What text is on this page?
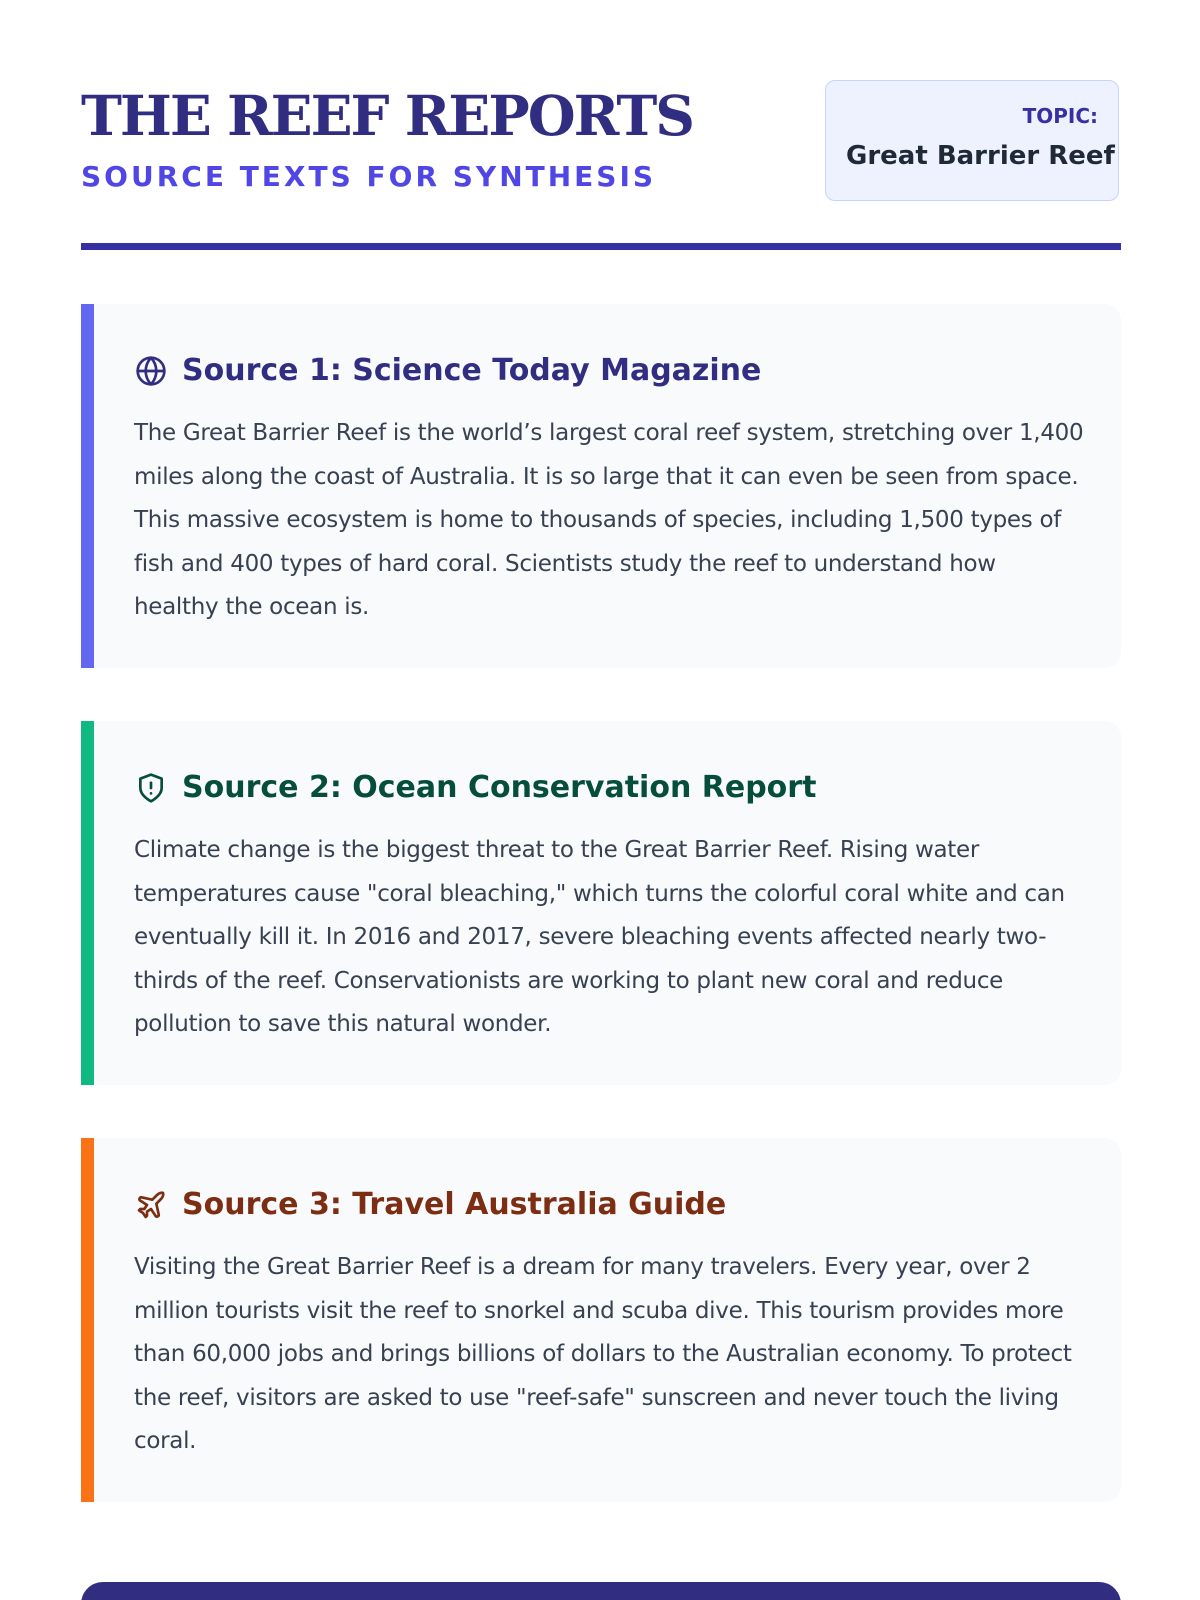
THE REEF REPORTS

SOURCE TEXTS FOR SYNTHESIS

TOPIC:
Great Barrier Reef
Source 1: Science Today Magazine

The Great Barrier Reef is the world’s largest coral reef system, stretching over 1,400 miles along the coast of Australia. It is so large that it can even be seen from space. This massive ecosystem is home to thousands of species, including 1,500 types of fish and 400 types of hard coral. Scientists study the reef to understand how healthy the ocean is.

Source 2: Ocean Conservation Report

Climate change is the biggest threat to the Great Barrier Reef. Rising water temperatures cause "coral bleaching," which turns the colorful coral white and can eventually kill it. In 2016 and 2017, severe bleaching events affected nearly two-thirds of the reef. Conservationists are working to plant new coral and reduce pollution to save this natural wonder.

Source 3: Travel Australia Guide

Visiting the Great Barrier Reef is a dream for many travelers. Every year, over 2 million tourists visit the reef to snorkel and scuba dive. This tourism provides more than 60,000 jobs and brings billions of dollars to the Australian economy. To protect the reef, visitors are asked to use "reef-safe" sunscreen and never touch the living coral.
